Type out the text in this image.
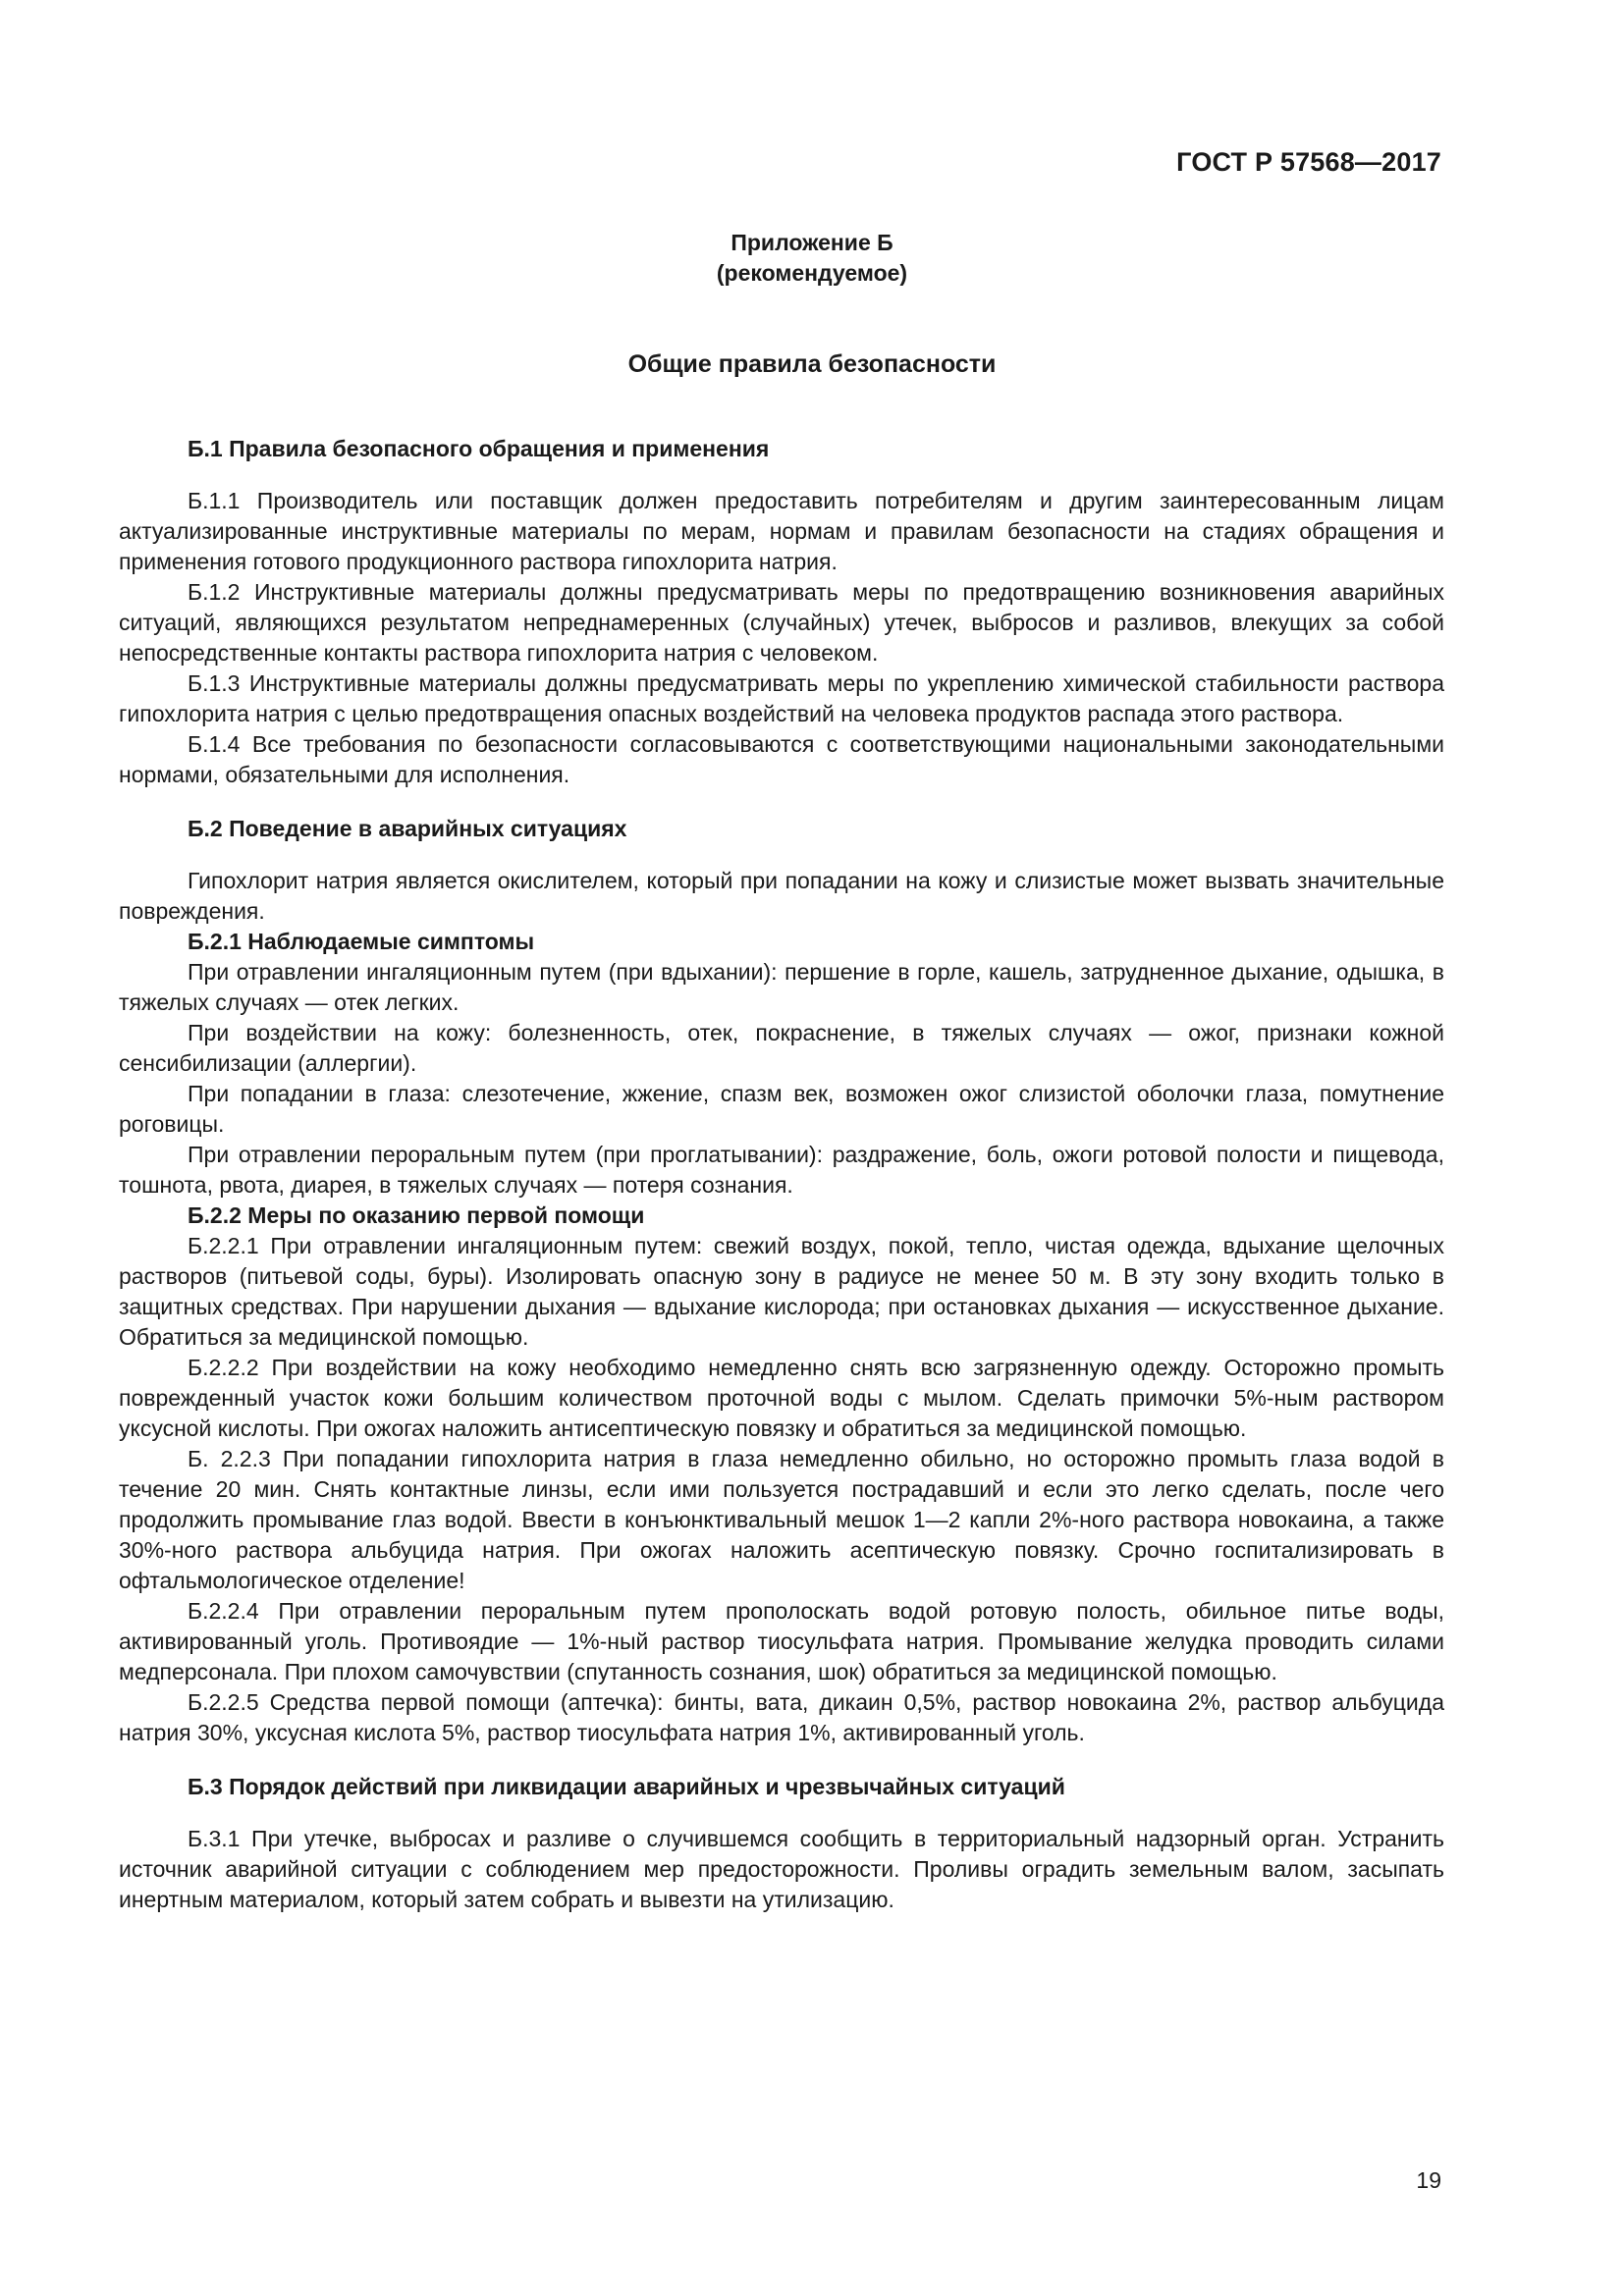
ГОСТ Р 57568—2017
Приложение Б
(рекомендуемое)
Общие правила безопасности

Б.1 Правила безопасного обращения и применения

Б.1.1 Производитель или поставщик должен предоставить потребителям и другим заинтересованным лицам актуализированные инструктивные материалы по мерам, нормам и правилам безопасности на стадиях обращения и применения готового продукционного раствора гипохлорита натрия.

Б.1.2 Инструктивные материалы должны предусматривать меры по предотвращению возникновения аварийных ситуаций, являющихся результатом непреднамеренных (случайных) утечек, выбросов и разливов, влекущих за собой непосредственные контакты раствора гипохлорита натрия с человеком.

Б.1.3 Инструктивные материалы должны предусматривать меры по укреплению химической стабильности раствора гипохлорита натрия с целью предотвращения опасных воздействий на человека продуктов распада этого раствора.

Б.1.4 Все требования по безопасности согласовываются с соответствующими национальными законодательными нормами, обязательными для исполнения.

Б.2 Поведение в аварийных ситуациях

Гипохлорит натрия является окислителем, который при попадании на кожу и слизистые может вызвать значительные повреждения.

Б.2.1 Наблюдаемые симптомы

При отравлении ингаляционным путем (при вдыхании): першение в горле, кашель, затрудненное дыхание, одышка, в тяжелых случаях — отек легких.

При воздействии на кожу: болезненность, отек, покраснение, в тяжелых случаях — ожог, признаки кожной сенсибилизации (аллергии).

При попадании в глаза: слезотечение, жжение, спазм век, возможен ожог слизистой оболочки глаза, помутнение роговицы.

При отравлении пероральным путем (при проглатывании): раздражение, боль, ожоги ротовой полости и пищевода, тошнота, рвота, диарея, в тяжелых случаях — потеря сознания.

Б.2.2 Меры по оказанию первой помощи

Б.2.2.1 При отравлении ингаляционным путем: свежий воздух, покой, тепло, чистая одежда, вдыхание щелочных растворов (питьевой соды, буры). Изолировать опасную зону в радиусе не менее 50 м. В эту зону входить только в защитных средствах. При нарушении дыхания — вдыхание кислорода; при остановках дыхания — искусственное дыхание. Обратиться за медицинской помощью.

Б.2.2.2 При воздействии на кожу необходимо немедленно снять всю загрязненную одежду. Осторожно промыть поврежденный участок кожи большим количеством проточной воды с мылом. Сделать примочки 5%-ным раствором уксусной кислоты. При ожогах наложить антисептическую повязку и обратиться за медицинской помощью.

Б. 2.2.3 При попадании гипохлорита натрия в глаза немедленно обильно, но осторожно промыть глаза водой в течение 20 мин. Снять контактные линзы, если ими пользуется пострадавший и если это легко сделать, после чего продолжить промывание глаз водой. Ввести в конъюнктивальный мешок 1—2 капли 2%-ного раствора новокаина, а также 30%-ного раствора альбуцида натрия. При ожогах наложить асептическую повязку. Срочно госпитализировать в офтальмологическое отделение!

Б.2.2.4 При отравлении пероральным путем прополоскать водой ротовую полость, обильное питье воды, активированный уголь. Противоядие — 1%-ный раствор тиосульфата натрия. Промывание желудка проводить силами медперсонала. При плохом самочувствии (спутанность сознания, шок) обратиться за медицинской помощью.

Б.2.2.5 Средства первой помощи (аптечка): бинты, вата, дикаин 0,5%, раствор новокаина 2%, раствор альбуцида натрия 30%, уксусная кислота 5%, раствор тиосульфата натрия 1%, активированный уголь.

Б.3 Порядок действий при ликвидации аварийных и чрезвычайных ситуаций

Б.3.1 При утечке, выбросах и разливе о случившемся сообщить в территориальный надзорный орган. Устранить источник аварийной ситуации с соблюдением мер предосторожности. Проливы оградить земельным валом, засыпать инертным материалом, который затем собрать и вывезти на утилизацию.

19
